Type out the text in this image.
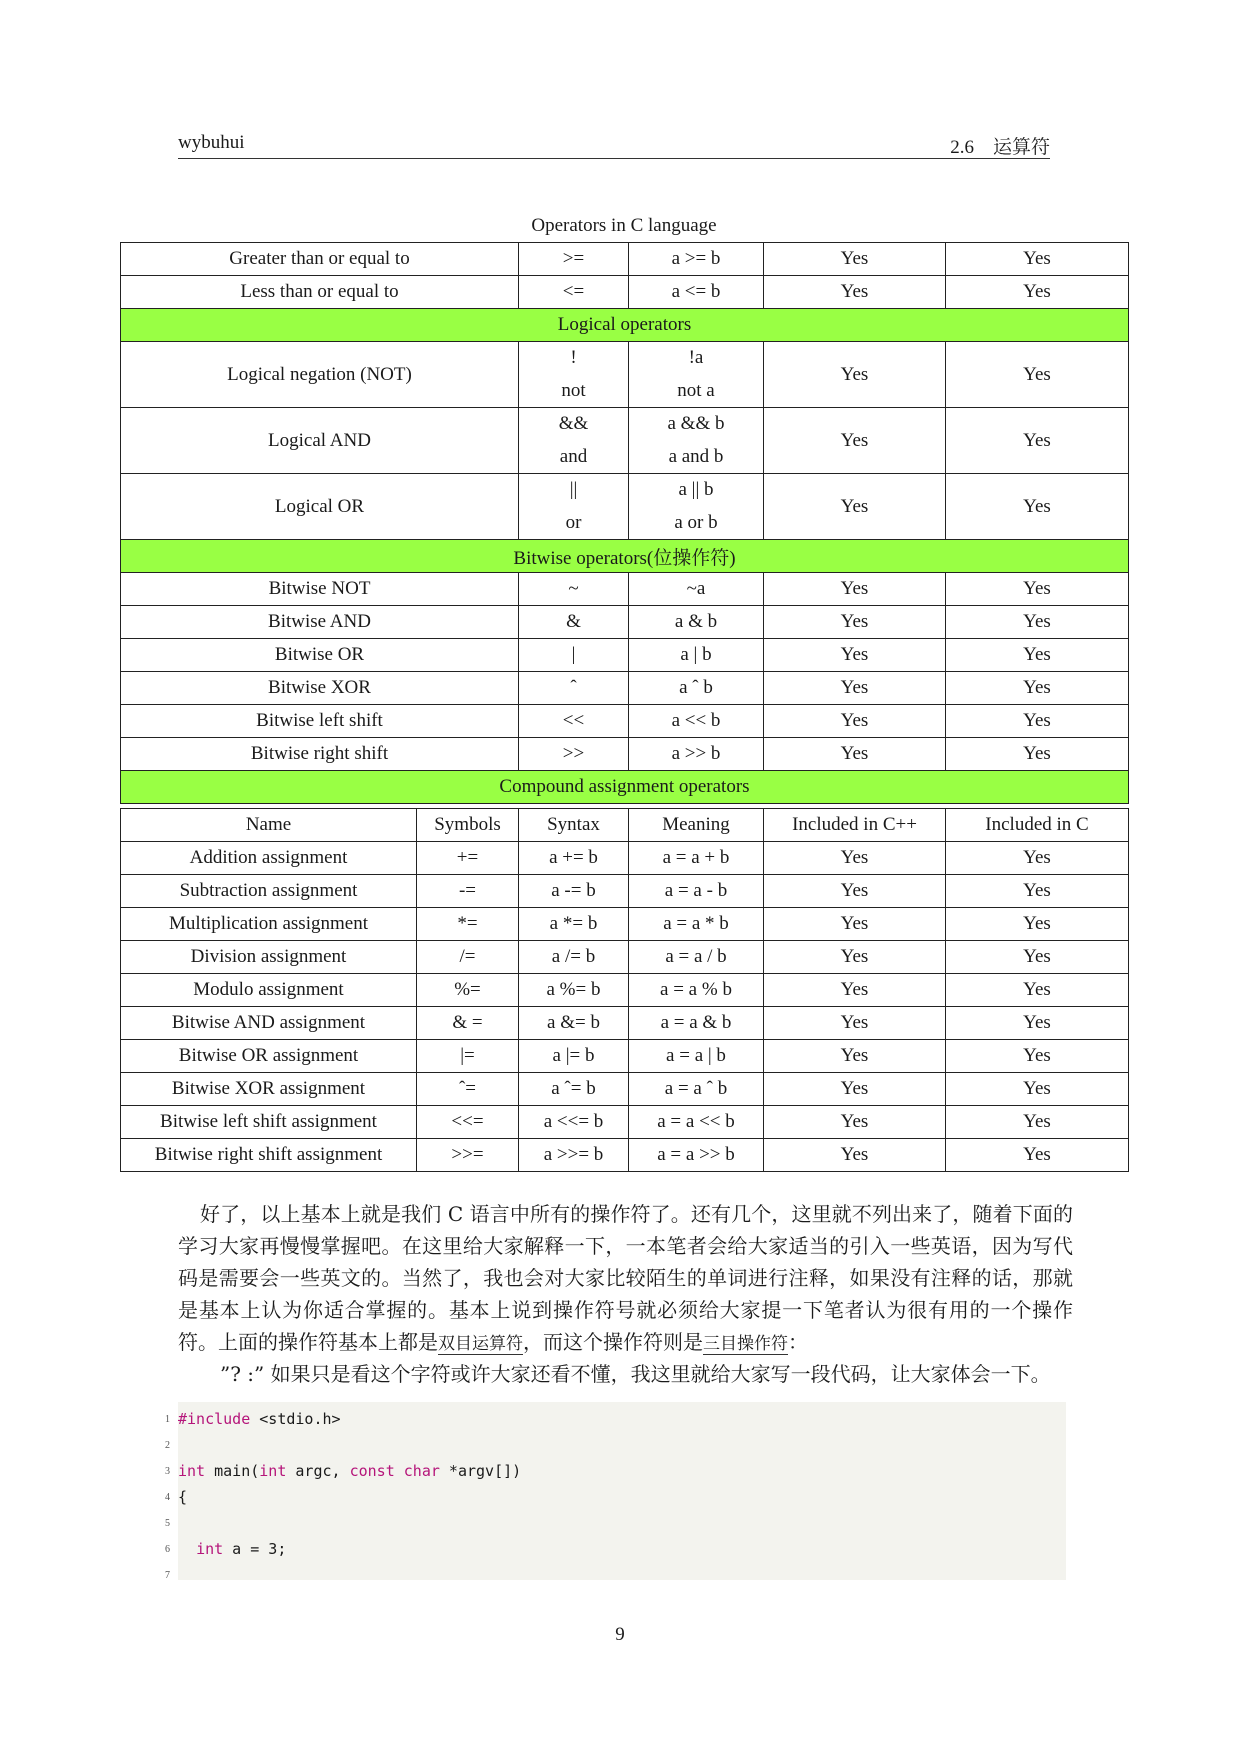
wybuhui	2.6　运算符
Operators in C language
Greater than or equal to	>=	a >= b	Yes	Yes
Less than or equal to	<=	a <= b	Yes	Yes
Logical operators				
Logical negation (NOT)	!	!a	Yes	Yes
	not	not a		
Logical AND	&&	a && b	Yes	Yes
	and	a and b		
Logical OR	||	a || b	Yes	Yes
	or	a or b		
Bitwise operators(位操作符)				
Bitwise NOT	~	~a	Yes	Yes
Bitwise AND	&	a & b	Yes	Yes
Bitwise OR	|	a | b	Yes	Yes
Bitwise XOR	ˆ	a ˆ b	Yes	Yes
Bitwise left shift	<<	a << b	Yes	Yes
Bitwise right shift	>>	a >> b	Yes	Yes
Compound assignment operators				
Name	Symbols	Syntax	Meaning	Included in C++	Included in C
Addition assignment	+=	a += b	a = a + b	Yes	Yes
Subtraction assignment	-=	a -= b	a = a - b	Yes	Yes
Multiplication assignment	*=	a *= b	a = a * b	Yes	Yes
Division assignment	/=	a /= b	a = a / b	Yes	Yes
Modulo assignment	%=	a %= b	a = a % b	Yes	Yes
Bitwise AND assignment	& =	a &= b	a = a & b	Yes	Yes
Bitwise OR assignment	|=	a |= b	a = a | b	Yes	Yes
Bitwise XOR assignment	ˆ=	a ˆ= b	a = a ˆ b	Yes	Yes
Bitwise left shift assignment	<<=	a <<= b	a = a << b	Yes	Yes
Bitwise right shift assignment	>>=	a >>= b	a = a >> b	Yes	Yes
好了，以上基本上就是我们 C 语言中所有的操作符了。还有几个，这里就不列出来了，随着下面的学习大家再慢慢掌握吧。在这里给大家解释一下，一本笔者会给大家适当的引入一些英语，因为写代码是需要会一些英文的。当然了，我也会对大家比较陌生的单词进行注释，如果没有注释的话，那就是基本上认为你适合掌握的。基本上说到操作符号就必须给大家提一下笔者认为很有用的一个操作符。上面的操作符基本上都是双目运算符，而这个操作符则是三目操作符：
”? :” 如果只是看这个字符或许大家还看不懂，我这里就给大家写一段代码，让大家体会一下。
1 #include <stdio.h>
2
3 int main(int argc, const char *argv[])
4 {
5
6	int a = 3;
7
9
